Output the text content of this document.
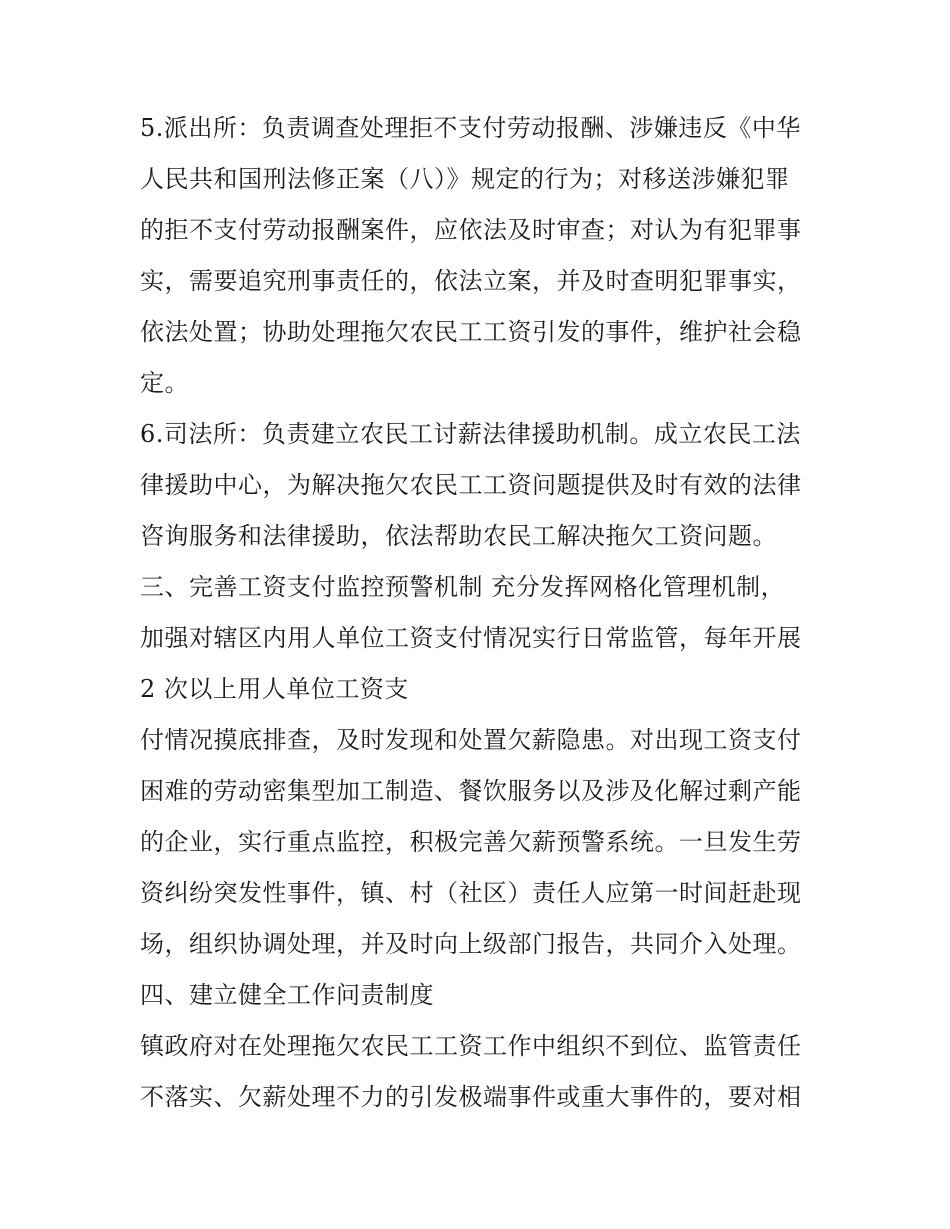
5.派出所：负责调查处理拒不支付劳动报酬、涉嫌违反《中华

人民共和国刑法修正案（八）》规定的行为；对移送涉嫌犯罪

的拒不支付劳动报酬案件，应依法及时审查；对认为有犯罪事

实，需要追究刑事责任的，依法立案，并及时查明犯罪事实，

依法处置；协助处理拖欠农民工工资引发的事件，维护社会稳

定。

6.司法所：负责建立农民工讨薪法律援助机制。成立农民工法

律援助中心，为解决拖欠农民工工资问题提供及时有效的法律

咨询服务和法律援助，依法帮助农民工解决拖欠工资问题。

三、完善工资支付监控预警机制 充分发挥网格化管理机制，

加强对辖区内用人单位工资支付情况实行日常监管，每年开展

2 次以上用人单位工资支

付情况摸底排查，及时发现和处置欠薪隐患。对出现工资支付

困难的劳动密集型加工制造、餐饮服务以及涉及化解过剩产能

的企业，实行重点监控，积极完善欠薪预警系统。一旦发生劳

资纠纷突发性事件，镇、村（社区）责任人应第一时间赶赴现

场，组织协调处理，并及时向上级部门报告，共同介入处理。

四、建立健全工作问责制度

镇政府对在处理拖欠农民工工资工作中组织不到位、监管责任

不落实、欠薪处理不力的引发极端事件或重大事件的，要对相
